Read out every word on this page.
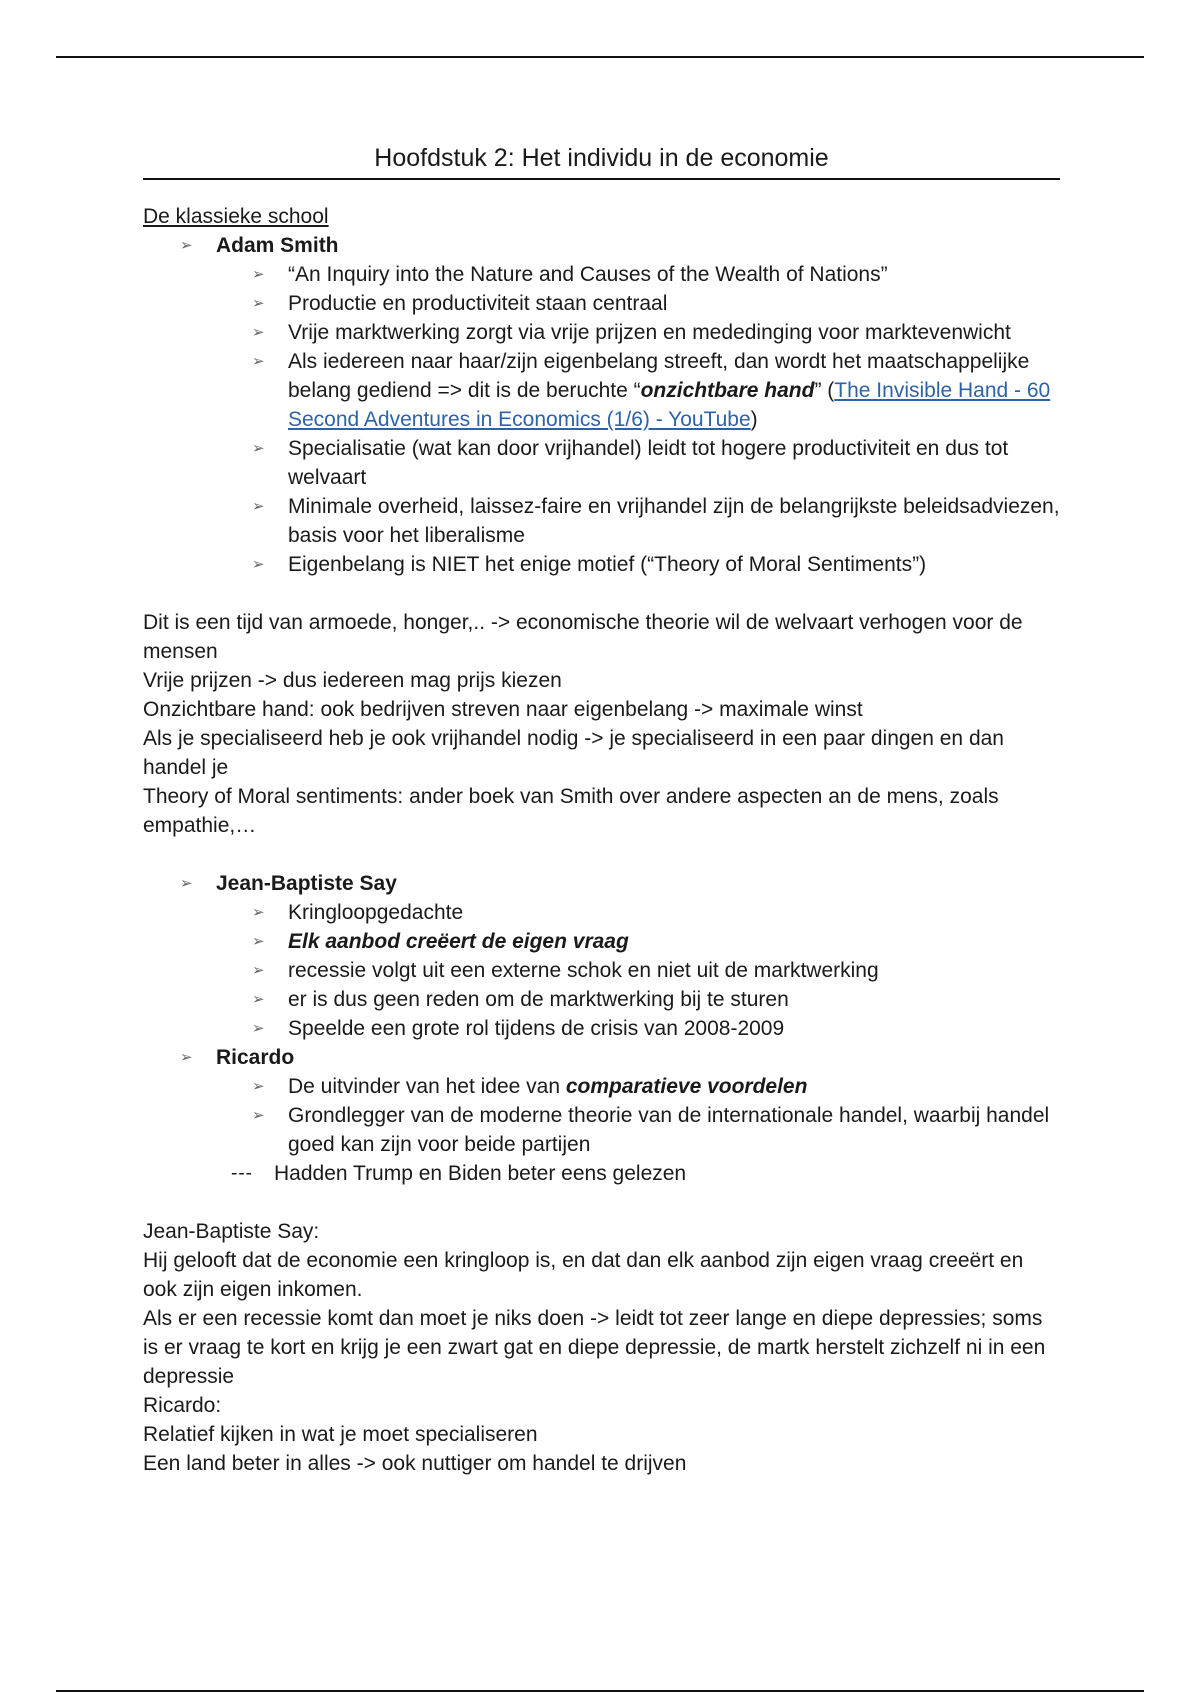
Hoofdstuk 2: Het individu in de economie
De klassieke school
➢	Adam Smith
➢	“An Inquiry into the Nature and Causes of the Wealth of Nations”
➢	Productie en productiviteit staan centraal
➢	Vrije marktwerking zorgt via vrije prijzen en mededinging voor marktevenwicht
➢	Als iedereen naar haar/zijn eigenbelang streeft, dan wordt het maatschappelijke belang gediend => dit is de beruchte “onzichtbare hand” (The Invisible Hand - 60 Second Adventures in Economics (1/6) - YouTube)
➢	Specialisatie (wat kan door vrijhandel) leidt tot hogere productiviteit en dus tot welvaart
➢	Minimale overheid, laissez-faire en vrijhandel zijn de belangrijkste beleidsadviezen, basis voor het liberalisme
➢	Eigenbelang is NIET het enige motief (“Theory of Moral Sentiments”)

Dit is een tijd van armoede, honger,.. -> economische theorie wil de welvaart verhogen voor de mensen

Vrije prijzen -> dus iedereen mag prijs kiezen

Onzichtbare hand: ook bedrijven streven naar eigenbelang -> maximale winst

Als je specialiseerd heb je ook vrijhandel nodig -> je specialiseerd in een paar dingen en dan handel je

Theory of Moral sentiments: ander boek van Smith over andere aspecten an de mens, zoals empathie,…

➢	Jean-Baptiste Say
➢	Kringloopgedachte
➢	Elk aanbod creëert de eigen vraag
➢	recessie volgt uit een externe schok en niet uit de marktwerking
➢	er is dus geen reden om de marktwerking bij te sturen
➢	Speelde een grote rol tijdens de crisis van 2008-2009
➢	Ricardo
➢	De uitvinder van het idee van comparatieve voordelen
➢	Grondlegger van de moderne theorie van de internationale handel, waarbij handel goed kan zijn voor beide partijen
--- Hadden Trump en Biden beter eens gelezen

Jean-Baptiste Say:

Hij gelooft dat de economie een kringloop is, en dat dan elk aanbod zijn eigen vraag creeërt en ook zijn eigen inkomen.

Als er een recessie komt dan moet je niks doen -> leidt tot zeer lange en diepe depressies; soms is er vraag te kort en krijg je een zwart gat en diepe depressie, de martk herstelt zichzelf ni in een depressie

Ricardo:

Relatief kijken in wat je moet specialiseren

Een land beter in alles -> ook nuttiger om handel te drijven
